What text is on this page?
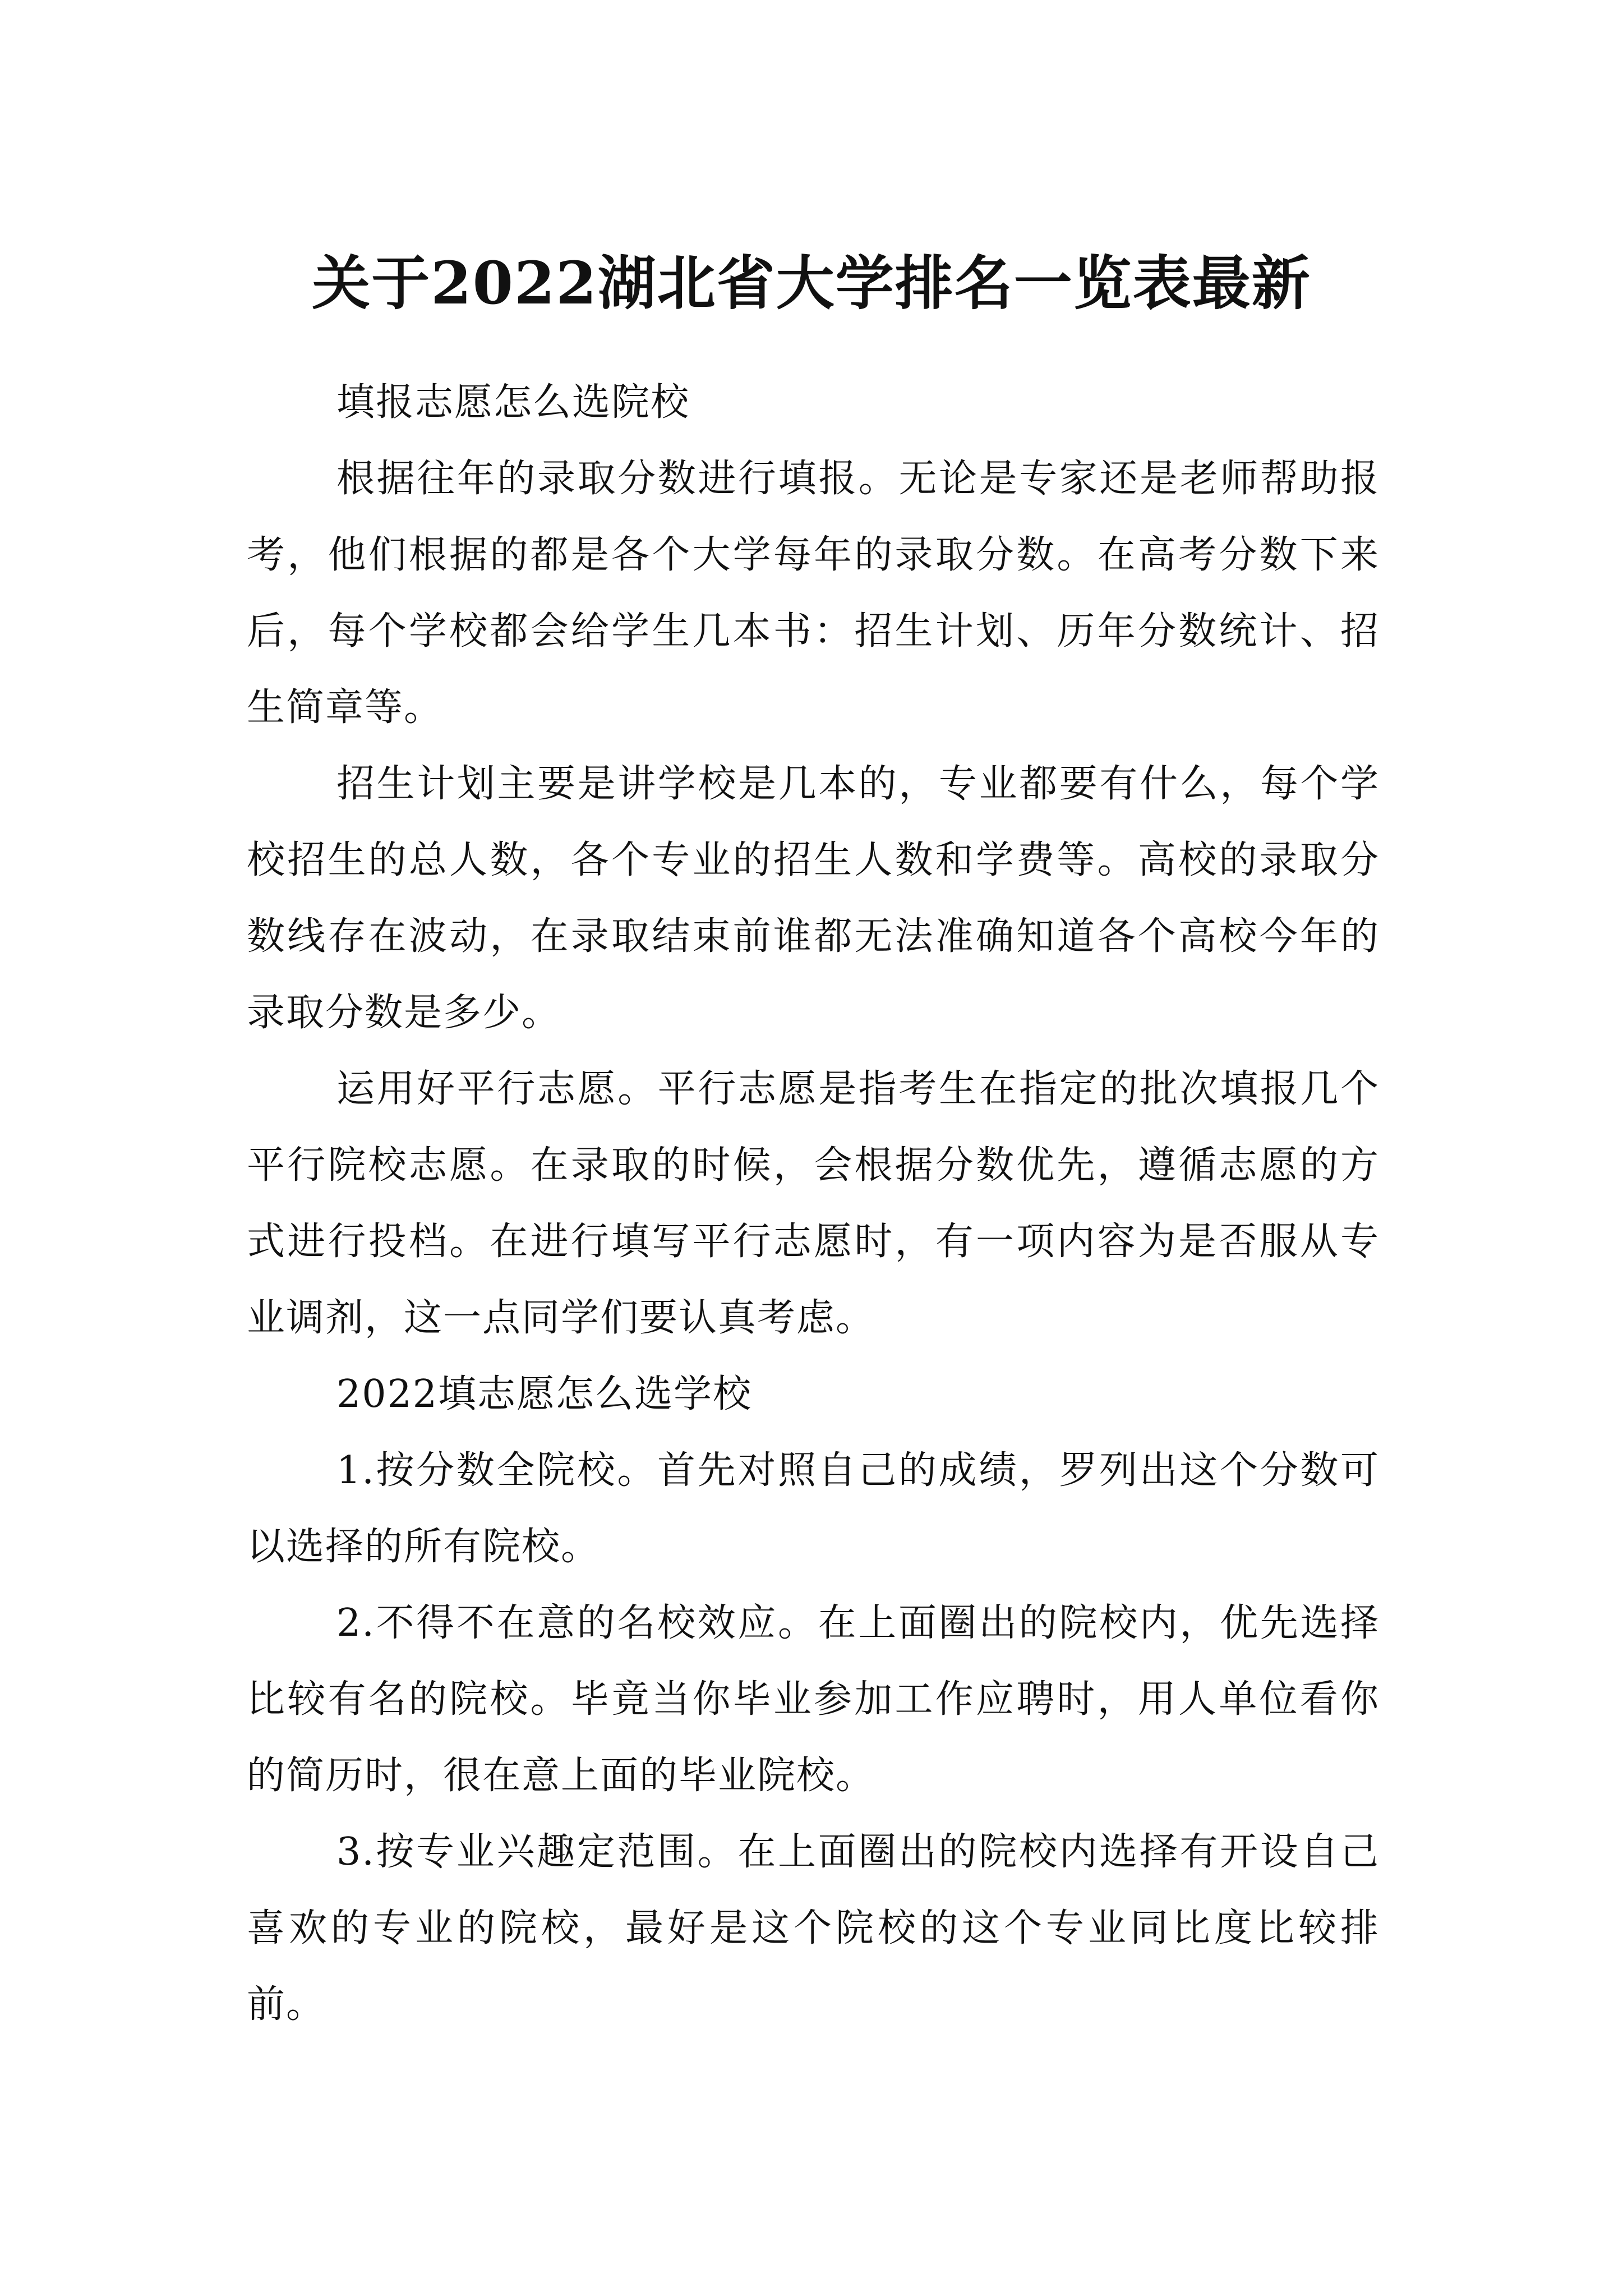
关于2022湖北省大学排名一览表最新

填报志愿怎么选院校

根据往年的录取分数进行填报。无论是专家还是老师帮助报考，他们根据的都是各个大学每年的录取分数。在高考分数下来后，每个学校都会给学生几本书：招生计划、历年分数统计、招生简章等。

招生计划主要是讲学校是几本的，专业都要有什么，每个学校招生的总人数，各个专业的招生人数和学费等。高校的录取分数线存在波动，在录取结束前谁都无法准确知道各个高校今年的录取分数是多少。

运用好平行志愿。平行志愿是指考生在指定的批次填报几个平行院校志愿。在录取的时候，会根据分数优先，遵循志愿的方式进行投档。在进行填写平行志愿时，有一项内容为是否服从专业调剂，这一点同学们要认真考虑。

2022填志愿怎么选学校

1.按分数全院校。首先对照自己的成绩，罗列出这个分数可以选择的所有院校。

2.不得不在意的名校效应。在上面圈出的院校内，优先选择比较有名的院校。毕竟当你毕业参加工作应聘时，用人单位看你的简历时，很在意上面的毕业院校。

3.按专业兴趣定范围。在上面圈出的院校内选择有开设自己喜欢的专业的院校，最好是这个院校的这个专业同比度比较排前。
